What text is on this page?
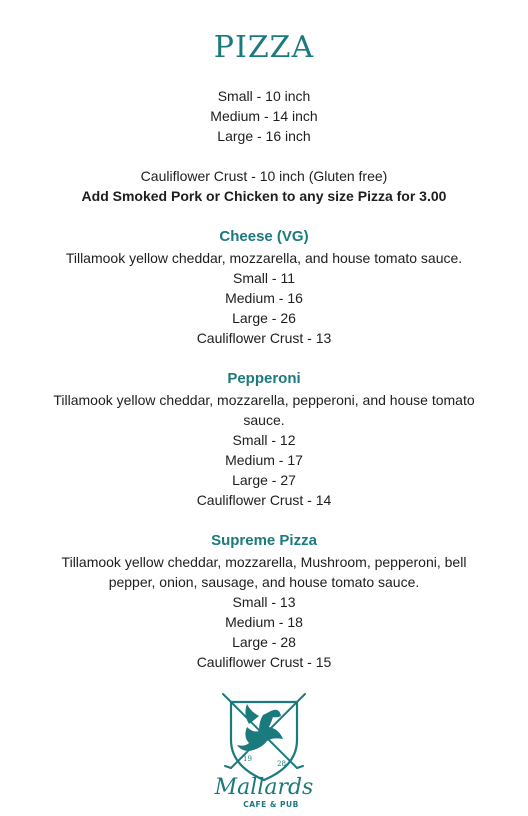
PIZZA
Small - 10 inch
Medium - 14 inch
Large - 16 inch
Cauliflower Crust - 10 inch (Gluten free)
Add Smoked Pork or Chicken to any size Pizza for 3.00
Cheese (VG)
Tillamook yellow cheddar, mozzarella, and house tomato sauce.
Small - 11
Medium - 16
Large - 26
Cauliflower Crust - 13
Pepperoni
Tillamook yellow cheddar, mozzarella, pepperoni, and house tomato
sauce.
Small - 12
Medium - 17
Large - 27
Cauliflower Crust - 14
Supreme Pizza
Tillamook yellow cheddar, mozzarella, Mushroom, pepperoni, bell
pepper, onion, sausage, and house tomato sauce.
Small - 13
Medium - 18
Large - 28
Cauliflower Crust - 15
19
28
Mallards
CAFE & PUB
